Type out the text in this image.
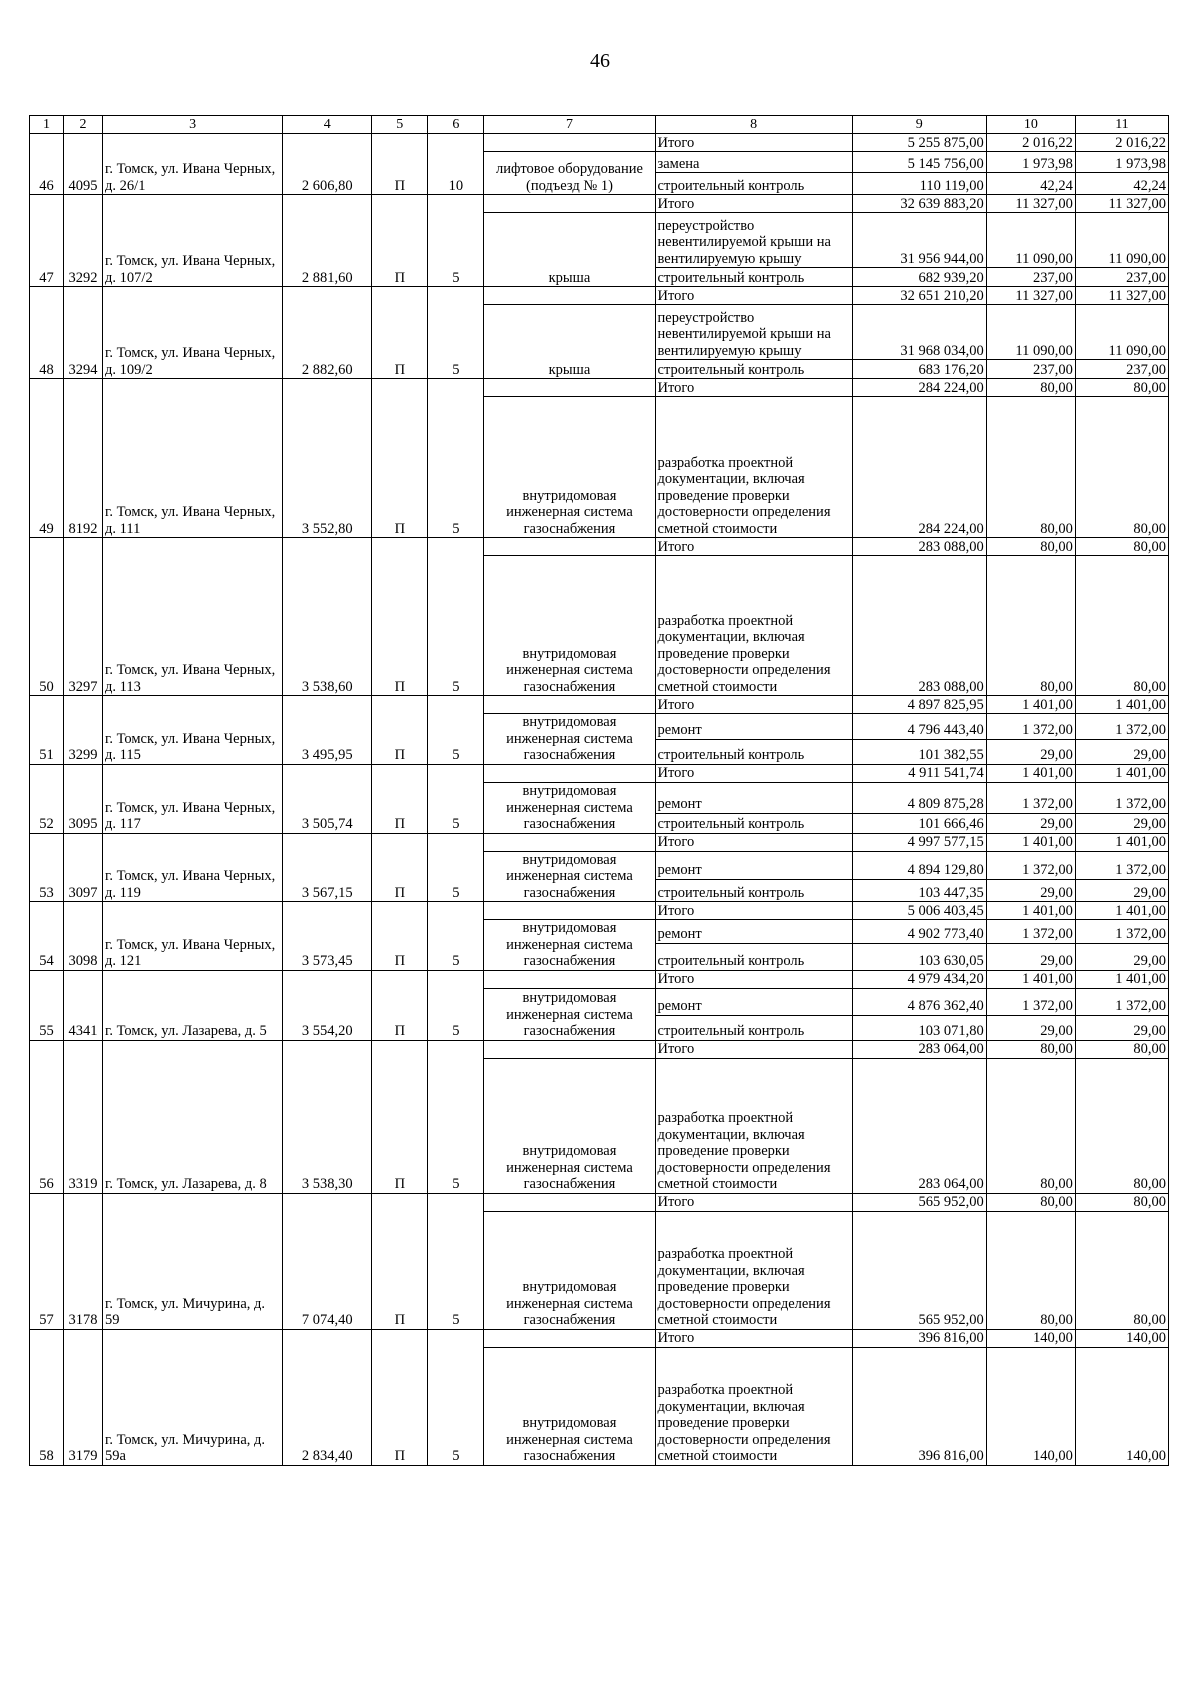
46
1	2	3	4	5	6	7	8	9	10	11
46	4095	г. Томск, ул. Ивана Черных, д. 26/1	2 606,80	П	10		Итого	5 255 875,00	2 016,22	2 016,22
						лифтовое оборудование (подъезд № 1)	замена	5 145 756,00	1 973,98	1 973,98
							строительный контроль	110 119,00	42,24	42,24
47	3292	г. Томск, ул. Ивана Черных, д. 107/2	2 881,60	П	5		Итого	32 639 883,20	11 327,00	11 327,00
						крыша	переустройство невентилируемой крыши на вентилируемую крышу	31 956 944,00	11 090,00	11 090,00
							строительный контроль	682 939,20	237,00	237,00
48	3294	г. Томск, ул. Ивана Черных, д. 109/2	2 882,60	П	5		Итого	32 651 210,20	11 327,00	11 327,00
						крыша	переустройство невентилируемой крыши на вентилируемую крышу	31 968 034,00	11 090,00	11 090,00
							строительный контроль	683 176,20	237,00	237,00
49	8192	г. Томск, ул. Ивана Черных, д. 111	3 552,80	П	5		Итого	284 224,00	80,00	80,00
						внутридомовая инженерная система газоснабжения	разработка проектной документации, включая проведение проверки достоверности определения сметной стоимости	284 224,00	80,00	80,00
50	3297	г. Томск, ул. Ивана Черных, д. 113	3 538,60	П	5		Итого	283 088,00	80,00	80,00
						внутридомовая инженерная система газоснабжения	разработка проектной документации, включая проведение проверки достоверности определения сметной стоимости	283 088,00	80,00	80,00
51	3299	г. Томск, ул. Ивана Черных, д. 115	3 495,95	П	5		Итого	4 897 825,95	1 401,00	1 401,00
						внутридомовая инженерная система газоснабжения	ремонт	4 796 443,40	1 372,00	1 372,00
							строительный контроль	101 382,55	29,00	29,00
52	3095	г. Томск, ул. Ивана Черных, д. 117	3 505,74	П	5		Итого	4 911 541,74	1 401,00	1 401,00
						внутридомовая инженерная система газоснабжения	ремонт	4 809 875,28	1 372,00	1 372,00
							строительный контроль	101 666,46	29,00	29,00
53	3097	г. Томск, ул. Ивана Черных, д. 119	3 567,15	П	5		Итого	4 997 577,15	1 401,00	1 401,00
						внутридомовая инженерная система газоснабжения	ремонт	4 894 129,80	1 372,00	1 372,00
							строительный контроль	103 447,35	29,00	29,00
54	3098	г. Томск, ул. Ивана Черных, д. 121	3 573,45	П	5		Итого	5 006 403,45	1 401,00	1 401,00
						внутридомовая инженерная система газоснабжения	ремонт	4 902 773,40	1 372,00	1 372,00
							строительный контроль	103 630,05	29,00	29,00
55	4341	г. Томск, ул. Лазарева, д. 5	3 554,20	П	5		Итого	4 979 434,20	1 401,00	1 401,00
						внутридомовая инженерная система газоснабжения	ремонт	4 876 362,40	1 372,00	1 372,00
							строительный контроль	103 071,80	29,00	29,00
56	3319	г. Томск, ул. Лазарева, д. 8	3 538,30	П	5		Итого	283 064,00	80,00	80,00
						внутридомовая инженерная система газоснабжения	разработка проектной документации, включая проведение проверки достоверности определения сметной стоимости	283 064,00	80,00	80,00
57	3178	г. Томск, ул. Мичурина, д. 59	7 074,40	П	5		Итого	565 952,00	80,00	80,00
						внутридомовая инженерная система газоснабжения	разработка проектной документации, включая проведение проверки достоверности определения сметной стоимости	565 952,00	80,00	80,00
58	3179	г. Томск, ул. Мичурина, д. 59а	2 834,40	П	5		Итого	396 816,00	140,00	140,00
						внутридомовая инженерная система газоснабжения	разработка проектной документации, включая проведение проверки достоверности определения сметной стоимости	396 816,00	140,00	140,00
